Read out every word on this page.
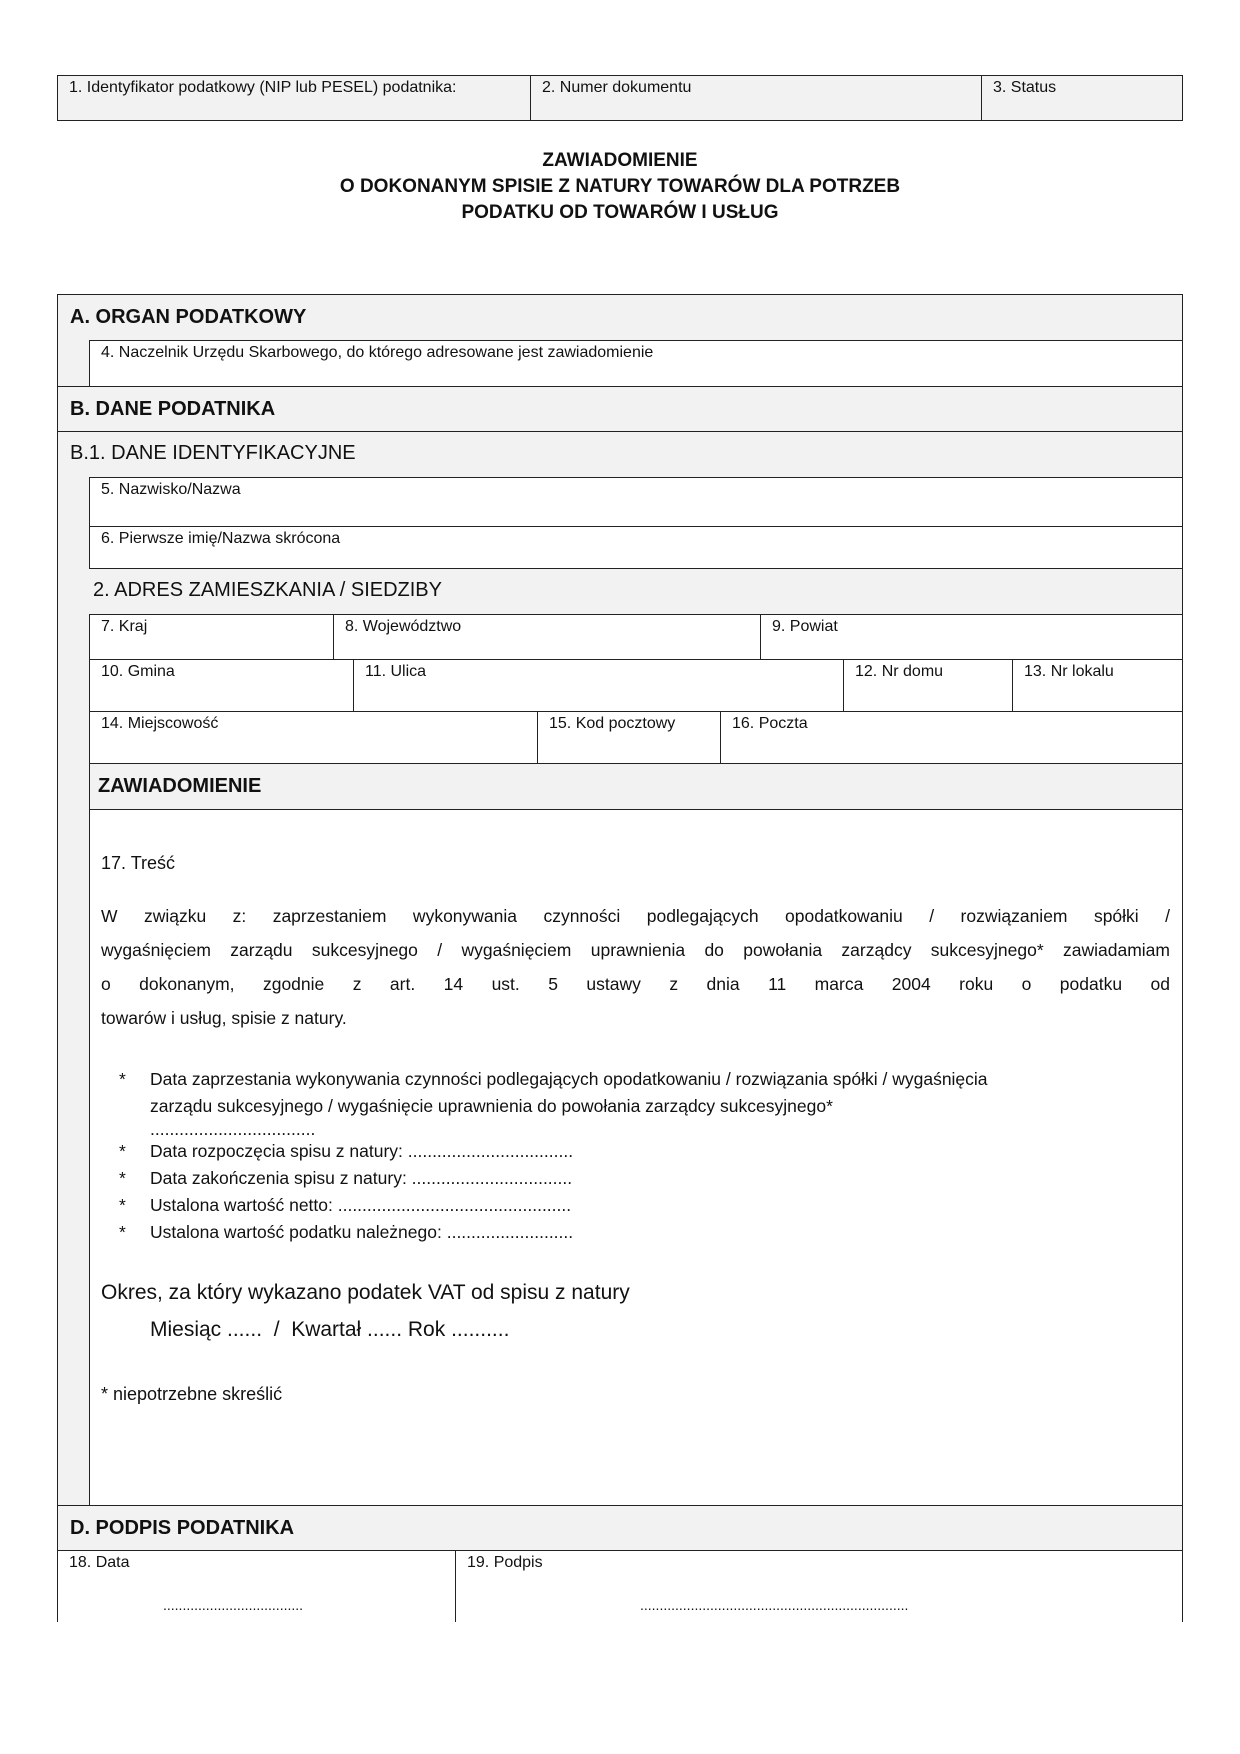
1. Identyfikator podatkowy (NIP lub PESEL) podatnika:	2. Numer dokumentu	3. Status
ZAWIADOMIENIE
O DOKONANYM SPISIE Z NATURY TOWARÓW DLA POTRZEB
PODATKU OD TOWARÓW I USŁUG
A. ORGAN PODATKOWY
4. Naczelnik Urzędu Skarbowego, do którego adresowane jest zawiadomienie
B. DANE PODATNIKA
B.1. DANE IDENTYFIKACYJNE
5. Nazwisko/Nazwa
6. Pierwsze imię/Nazwa skrócona
2. ADRES ZAMIESZKANIA / SIEDZIBY
7. Kraj	8. Województwo	9. Powiat
10. Gmina	11. Ulica	12. Nr domu	13. Nr lokalu
14. Miejscowość	15. Kod pocztowy	16. Poczta
ZAWIADOMIENIE
17. Treść
W związku z: zaprzestaniem wykonywania czynności podlegających opodatkowaniu / rozwiązaniem spółki /
wygaśnięciem zarządu sukcesyjnego / wygaśnięciem uprawnienia do powołania zarządcy sukcesyjnego* zawiadamiam
o dokonanym, zgodnie z art. 14 ust. 5 ustawy z dnia 11 marca 2004 roku o podatku od
towarów i usług, spisie z natury.
*	Data zaprzestania wykonywania czynności podlegających opodatkowaniu / rozwiązania spółki / wygaśnięcia
zarządu sukcesyjnego / wygaśnięcie uprawnienia do powołania zarządcy sukcesyjnego*
..................................
*	Data rozpoczęcia spisu z natury: ..................................
*	Data zakończenia spisu z natury: .................................
*	Ustalona wartość netto: ................................................
*	Ustalona wartość podatku należnego: ..........................
Okres, za który wykazano podatek VAT od spisu z natury
Miesiąc ......  /  Kwartał ...... Rok ..........
* niepotrzebne skreślić
D. PODPIS PODATNIKA
18. Data
....................................
19. Podpis
.....................................................................
